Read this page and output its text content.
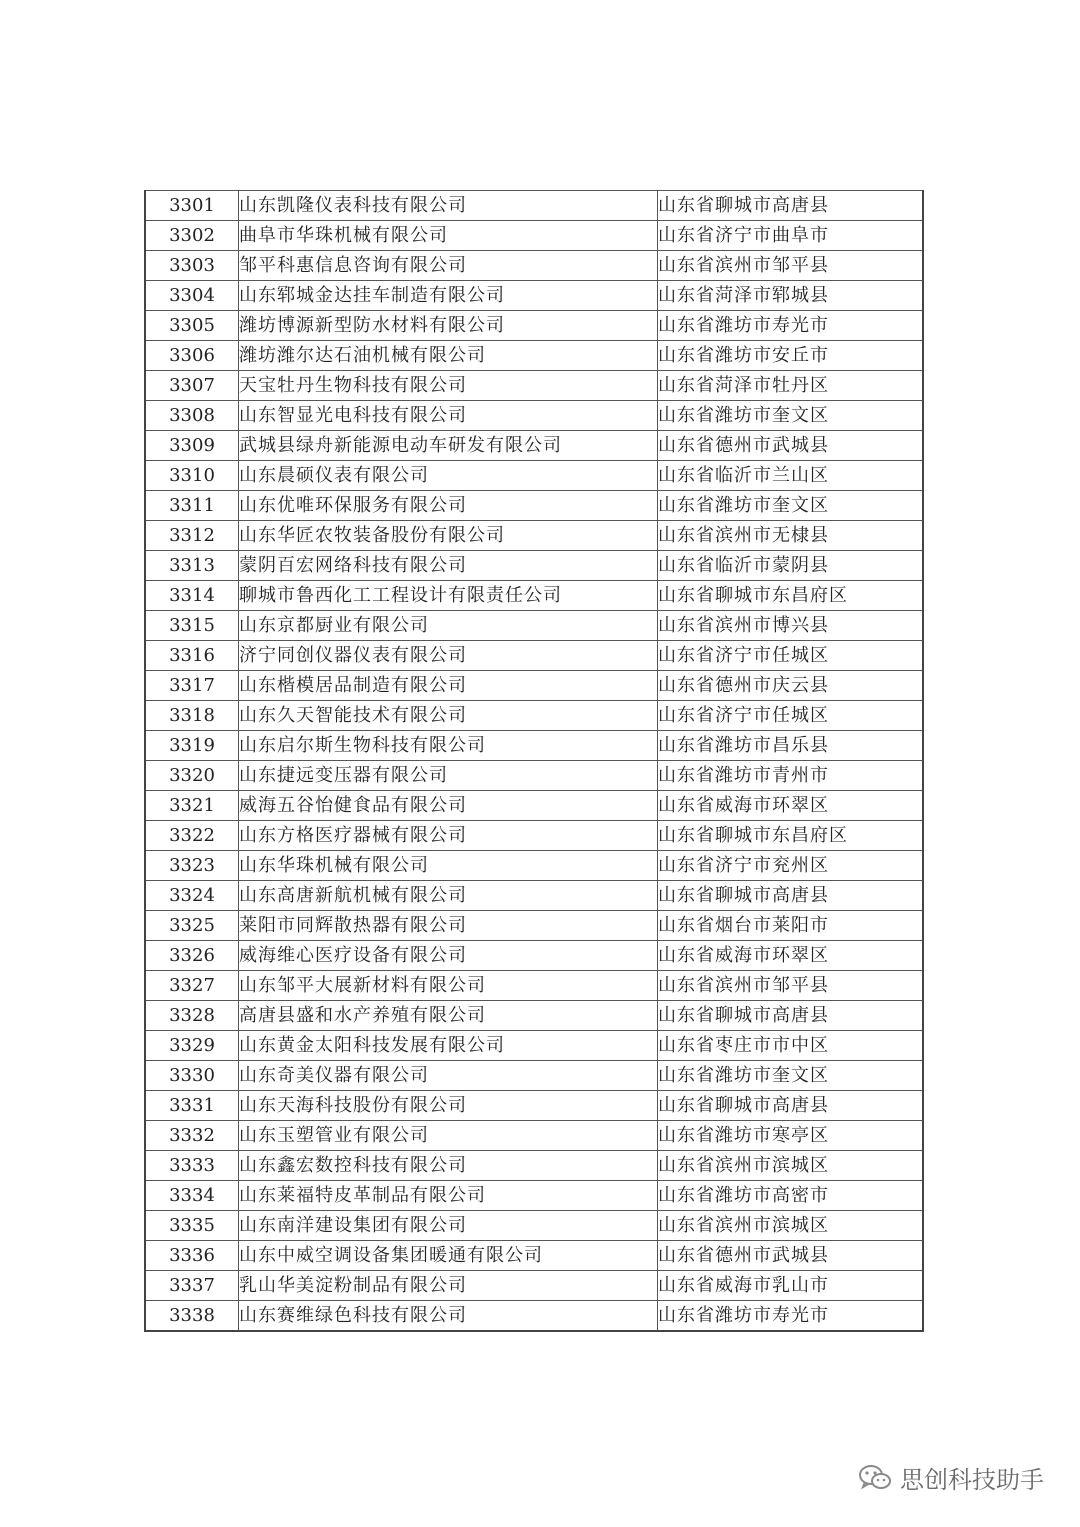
3301	山东凯隆仪表科技有限公司	山东省聊城市高唐县
3302	曲阜市华珠机械有限公司	山东省济宁市曲阜市
3303	邹平科惠信息咨询有限公司	山东省滨州市邹平县
3304	山东郓城金达挂车制造有限公司	山东省菏泽市郓城县
3305	潍坊博源新型防水材料有限公司	山东省潍坊市寿光市
3306	潍坊潍尔达石油机械有限公司	山东省潍坊市安丘市
3307	天宝牡丹生物科技有限公司	山东省菏泽市牡丹区
3308	山东智显光电科技有限公司	山东省潍坊市奎文区
3309	武城县绿舟新能源电动车研发有限公司	山东省德州市武城县
3310	山东晨硕仪表有限公司	山东省临沂市兰山区
3311	山东优唯环保服务有限公司	山东省潍坊市奎文区
3312	山东华匠农牧装备股份有限公司	山东省滨州市无棣县
3313	蒙阴百宏网络科技有限公司	山东省临沂市蒙阴县
3314	聊城市鲁西化工工程设计有限责任公司	山东省聊城市东昌府区
3315	山东京都厨业有限公司	山东省滨州市博兴县
3316	济宁同创仪器仪表有限公司	山东省济宁市任城区
3317	山东楷模居品制造有限公司	山东省德州市庆云县
3318	山东久天智能技术有限公司	山东省济宁市任城区
3319	山东启尔斯生物科技有限公司	山东省潍坊市昌乐县
3320	山东捷远变压器有限公司	山东省潍坊市青州市
3321	威海五谷怡健食品有限公司	山东省威海市环翠区
3322	山东方格医疗器械有限公司	山东省聊城市东昌府区
3323	山东华珠机械有限公司	山东省济宁市兖州区
3324	山东高唐新航机械有限公司	山东省聊城市高唐县
3325	莱阳市同辉散热器有限公司	山东省烟台市莱阳市
3326	威海维心医疗设备有限公司	山东省威海市环翠区
3327	山东邹平大展新材料有限公司	山东省滨州市邹平县
3328	高唐县盛和水产养殖有限公司	山东省聊城市高唐县
3329	山东黄金太阳科技发展有限公司	山东省枣庄市市中区
3330	山东奇美仪器有限公司	山东省潍坊市奎文区
3331	山东天海科技股份有限公司	山东省聊城市高唐县
3332	山东玉塑管业有限公司	山东省潍坊市寒亭区
3333	山东鑫宏数控科技有限公司	山东省滨州市滨城区
3334	山东莱福特皮革制品有限公司	山东省潍坊市高密市
3335	山东南洋建设集团有限公司	山东省滨州市滨城区
3336	山东中威空调设备集团暖通有限公司	山东省德州市武城县
3337	乳山华美淀粉制品有限公司	山东省威海市乳山市
3338	山东赛维绿色科技有限公司	山东省潍坊市寿光市
思创科技助手
